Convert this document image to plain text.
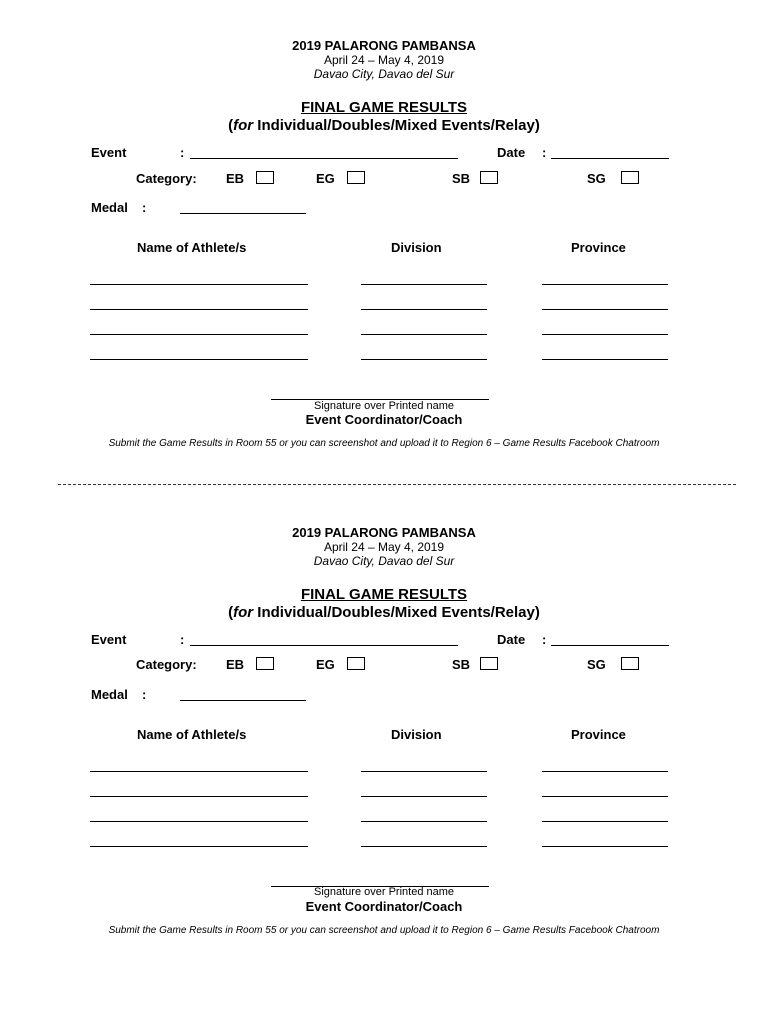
2019 PALARONG PAMBANSA
April 24 – May 4, 2019
Davao City, Davao del Sur
FINAL GAME RESULTS
(for Individual/Doubles/Mixed Events/Relay)
Event	:	Date :
Category: EB	EG	SB	SG
Medal :
Name of Athlete/s	Division	Province
Signature over Printed name
Event Coordinator/Coach
Submit the Game Results in Room 55 or you can screenshot and upload it to Region 6 – Game Results Facebook Chatroom
2019 PALARONG PAMBANSA
April 24 – May 4, 2019
Davao City, Davao del Sur
FINAL GAME RESULTS
(for Individual/Doubles/Mixed Events/Relay)
Event	:	Date :
Category: EB	EG	SB	SG
Medal :
Name of Athlete/s	Division	Province
Signature over Printed name
Event Coordinator/Coach
Submit the Game Results in Room 55 or you can screenshot and upload it to Region 6 – Game Results Facebook Chatroom
